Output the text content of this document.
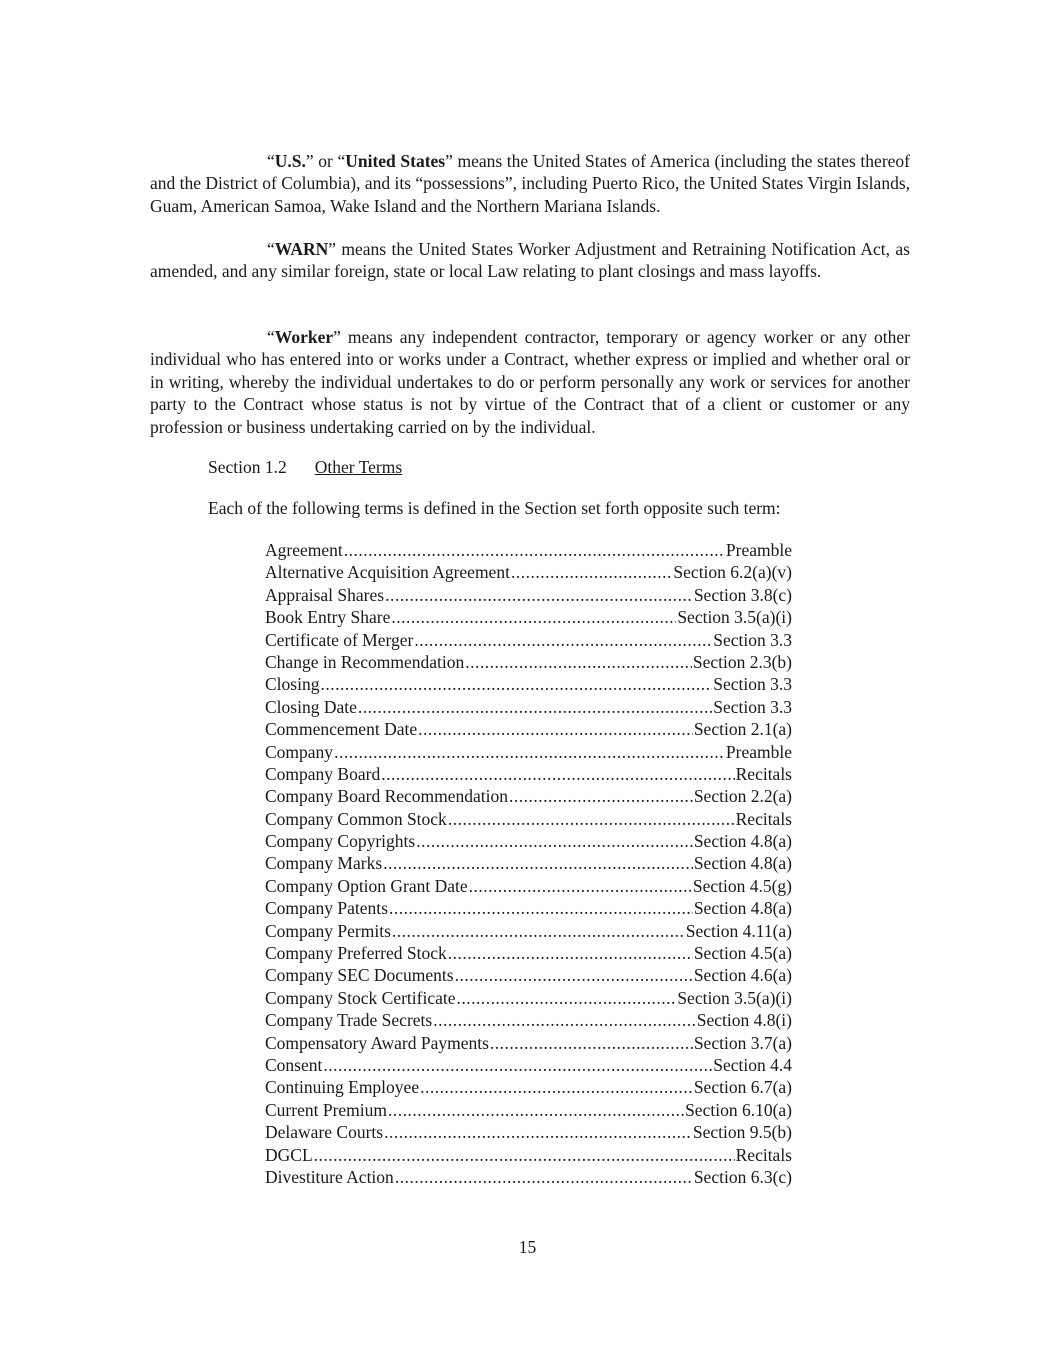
“U.S.” or “United States” means the United States of America (including the states thereof and the District of Columbia), and its “possessions”, including Puerto Rico, the United States Virgin Islands, Guam, American Samoa, Wake Island and the Northern Mariana Islands.

“WARN” means the United States Worker Adjustment and Retraining Notification Act, as amended, and any similar foreign, state or local Law relating to plant closings and mass layoffs.

“Worker” means any independent contractor, temporary or agency worker or any other individual who has entered into or works under a Contract, whether express or implied and whether oral or in writing, whereby the individual undertakes to do or perform personally any work or services for another party to the Contract whose status is not by virtue of the Contract that of a client or customer or any profession or business undertaking carried on by the individual.

Section 1.2 Other Terms

Each of the following terms is defined in the Section set forth opposite such term:

Agreement .....	Preamble
Alternative Acquisition Agreement .....	Section 6.2(a)(v)
Appraisal Shares .....	Section 3.8(c)
Book Entry Share .....	Section 3.5(a)(i)
Certificate of Merger .....	Section 3.3
Change in Recommendation .....	Section 2.3(b)
Closing .....	Section 3.3
Closing Date .....	Section 3.3
Commencement Date .....	Section 2.1(a)
Company .....	Preamble
Company Board .....	Recitals
Company Board Recommendation .....	Section 2.2(a)
Company Common Stock .....	Recitals
Company Copyrights .....	Section 4.8(a)
Company Marks .....	Section 4.8(a)
Company Option Grant Date .....	Section 4.5(g)
Company Patents .....	Section 4.8(a)
Company Permits .....	Section 4.11(a)
Company Preferred Stock .....	Section 4.5(a)
Company SEC Documents .....	Section 4.6(a)
Company Stock Certificate .....	Section 3.5(a)(i)
Company Trade Secrets .....	Section 4.8(i)
Compensatory Award Payments .....	Section 3.7(a)
Consent .....	Section 4.4
Continuing Employee .....	Section 6.7(a)
Current Premium .....	Section 6.10(a)
Delaware Courts .....	Section 9.5(b)
DGCL .....	Recitals
Divestiture Action .....	Section 6.3(c)

15
